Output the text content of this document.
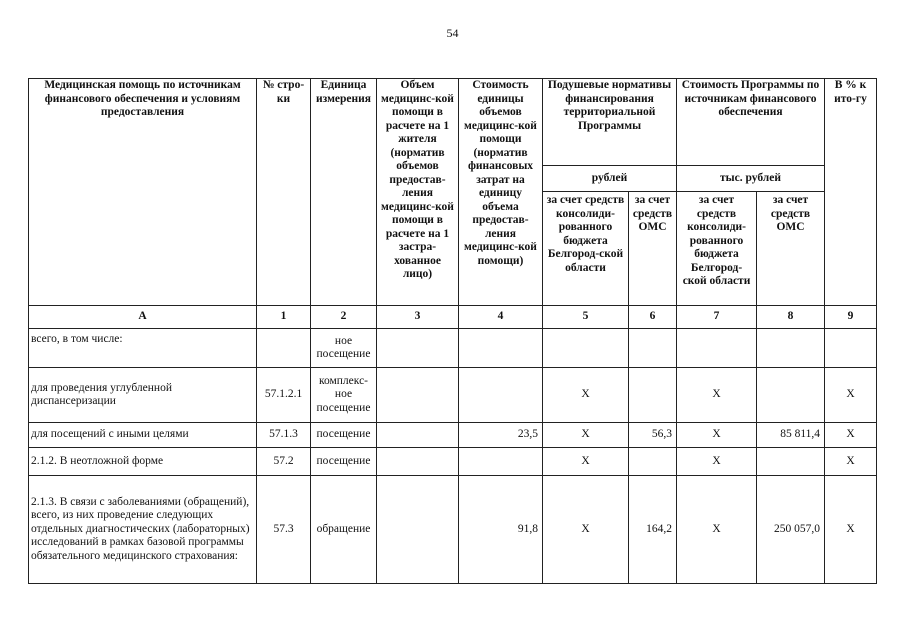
54
Медицинская помощь по источникам финансового обеспечения и условиям предоставления	№ стро-ки	Единица измерения	Объем медицинс-кой помощи в расчете на 1 жителя (норматив объемов предостав-ления медицинс-кой помощи в расчете на 1 застра-хованное лицо)	Стоимость единицы объемов медицинс-кой помощи (норматив финансовых затрат на единицу объема предостав-ления медицинс-кой помощи)	Подушевые нормативы финансирования территориальной Программы		Стоимость Программы по источникам финансового обеспечения		В % к ито-гу
					рублей		тыс. рублей		
					за счет средств консолиди-рованного бюджета Белгород-ской области	за счет средств ОМС	за счет средств консолиди-рованного бюджета Белгород-ской области	за счет средств ОМС	
А	1	2	3	4	5	6	7	8	9
всего, в том числе:		ное посещение							
для проведения углубленной диспансеризации	57.1.2.1	комплекс-ное посещение			Х		Х		Х
для посещений с иными целями	57.1.3	посещение		23,5	Х	56,3	Х	85 811,4	Х
2.1.2. В неотложной форме	57.2	посещение			Х		Х		Х
2.1.3. В связи с заболеваниями (обращений), всего, из них проведение следующих отдельных диагностических (лабораторных) исследований в рамках базовой программы обязательного медицинского страхования:	57.3	обращение		91,8	Х	164,2	Х	250 057,0	Х
